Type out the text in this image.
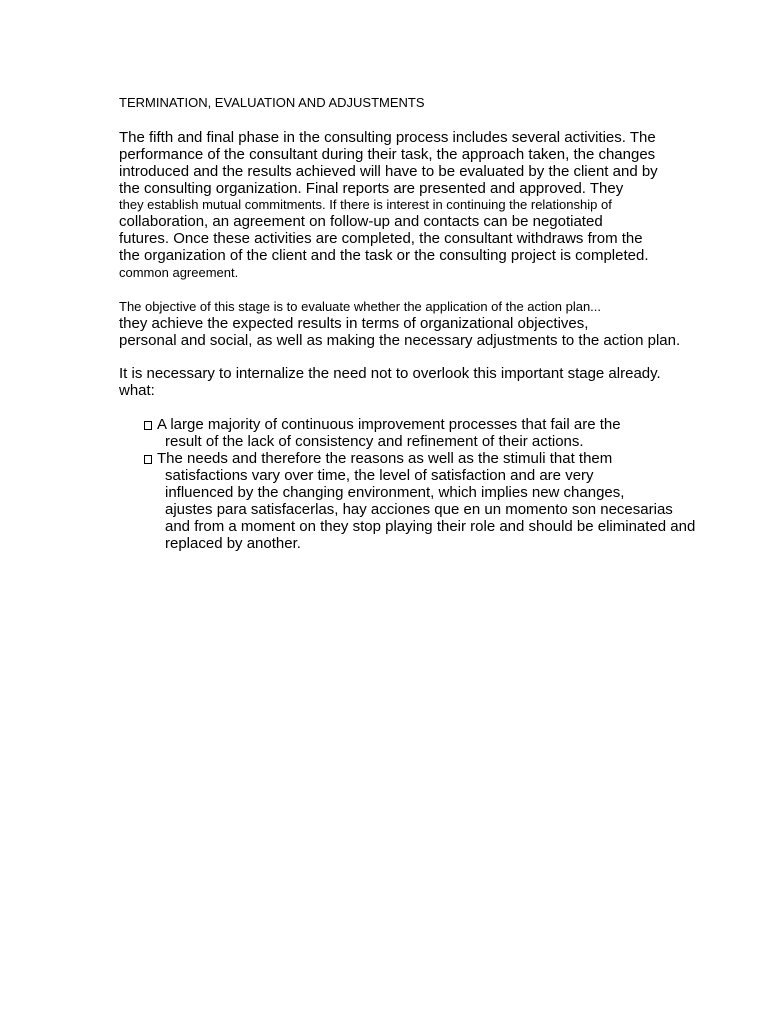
TERMINATION, EVALUATION AND ADJUSTMENTS
The fifth and final phase in the consulting process includes several activities. The
performance of the consultant during their task, the approach taken, the changes
introduced and the results achieved will have to be evaluated by the client and by
the consulting organization. Final reports are presented and approved. They
they establish mutual commitments. If there is interest in continuing the relationship of
collaboration, an agreement on follow-up and contacts can be negotiated
futures. Once these activities are completed, the consultant withdraws from the
the organization of the client and the task or the consulting project is completed.
common agreement.
The objective of this stage is to evaluate whether the application of the action plan...
they achieve the expected results in terms of organizational objectives,
personal and social, as well as making the necessary adjustments to the action plan.
It is necessary to internalize the need not to overlook this important stage already.
what:
A large majority of continuous improvement processes that fail are the
result of the lack of consistency and refinement of their actions.
The needs and therefore the reasons as well as the stimuli that them
satisfactions vary over time, the level of satisfaction and are very
influenced by the changing environment, which implies new changes,
ajustes para satisfacerlas, hay acciones que en un momento son necesarias
and from a moment on they stop playing their role and should be eliminated and
replaced by another.
